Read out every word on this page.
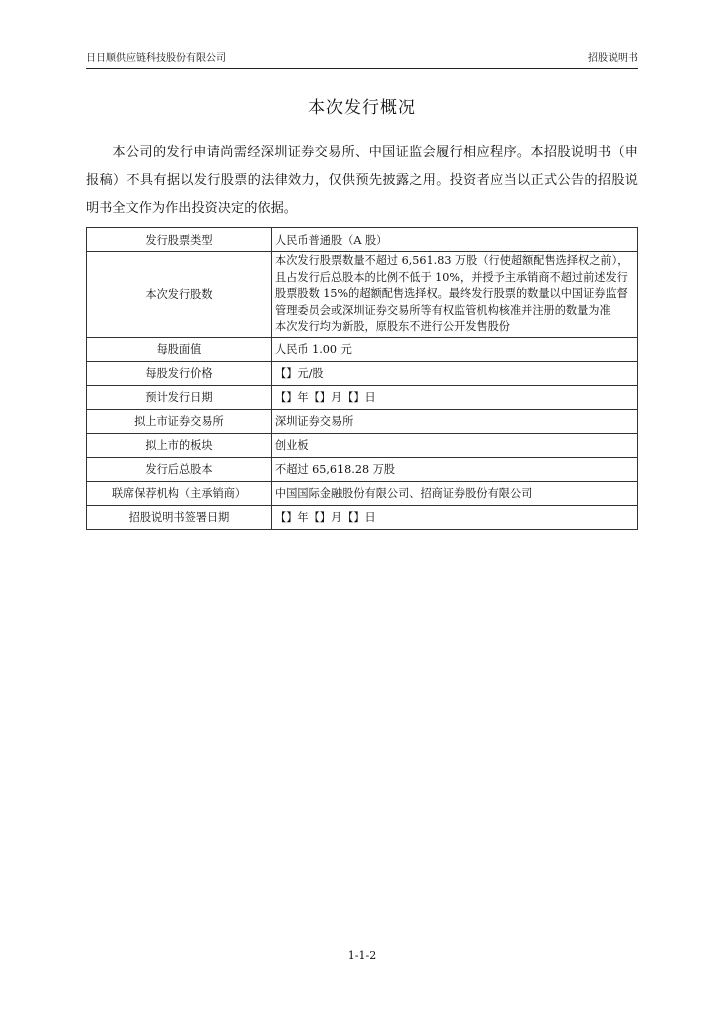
日日顺供应链科技股份有限公司	招股说明书
本次发行概况

本公司的发行申请尚需经深圳证券交易所、中国证监会履行相应程序。本招股说明书（申报稿）不具有据以发行股票的法律效力，仅供预先披露之用。投资者应当以正式公告的招股说明书全文作为作出投资决定的依据。

发行股票类型	人民币普通股（A 股）
本次发行股数	本次发行股票数量不超过 6,561.83 万股（行使超额配售选择权之前），且占发行后总股本的比例不低于 10%，并授予主承销商不超过前述发行股票股数 15%的超额配售选择权。最终发行股票的数量以中国证券监督管理委员会或深圳证券交易所等有权监管机构核准并注册的数量为准

本次发行均为新股，原股东不进行公开发售股份

每股面值	人民币 1.00 元
每股发行价格	【】元/股
预计发行日期	【】年【】月【】日
拟上市证券交易所	深圳证券交易所
拟上市的板块	创业板
发行后总股本	不超过 65,618.28 万股
联席保荐机构（主承销商）	中国国际金融股份有限公司、招商证券股份有限公司
招股说明书签署日期	【】年【】月【】日
1-1-2
